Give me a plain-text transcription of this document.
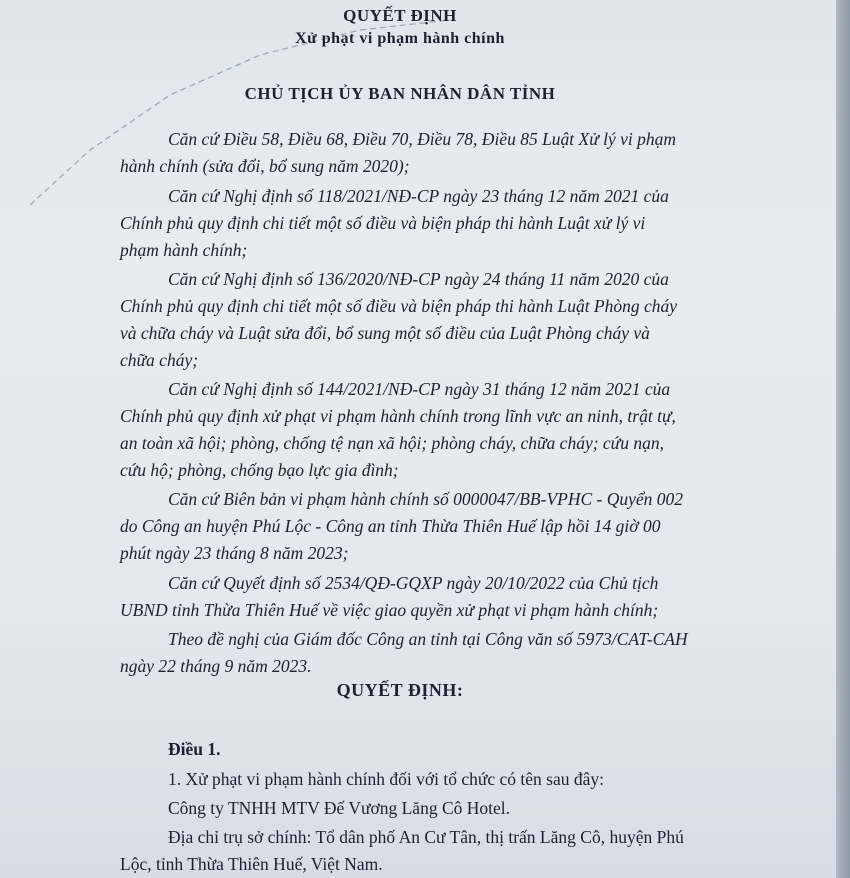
QUYẾT ĐỊNH
Xử phạt vi phạm hành chính
CHỦ TỊCH ỦY BAN NHÂN DÂN TỈNH
Căn cứ Điều 58, Điều 68, Điều 70, Điều 78, Điều 85 Luật Xử lý vi phạm
hành chính (sửa đổi, bổ sung năm 2020);
Căn cứ Nghị định số 118/2021/NĐ-CP ngày 23 tháng 12 năm 2021 của
Chính phủ quy định chi tiết một số điều và biện pháp thi hành Luật xử lý vi
phạm hành chính;
Căn cứ Nghị định số 136/2020/NĐ-CP ngày 24 tháng 11 năm 2020 của
Chính phủ quy định chi tiết một số điều và biện pháp thi hành Luật Phòng cháy
và chữa cháy và Luật sửa đổi, bổ sung một số điều của Luật Phòng cháy và
chữa cháy;
Căn cứ Nghị định số 144/2021/NĐ-CP ngày 31 tháng 12 năm 2021 của
Chính phủ quy định xử phạt vi phạm hành chính trong lĩnh vực an ninh, trật tự,
an toàn xã hội; phòng, chống tệ nạn xã hội; phòng cháy, chữa cháy; cứu nạn,
cứu hộ; phòng, chống bạo lực gia đình;
Căn cứ Biên bản vi phạm hành chính số 0000047/BB-VPHC - Quyển 002
do Công an huyện Phú Lộc - Công an tỉnh Thừa Thiên Huế lập hồi 14 giờ 00
phút ngày 23 tháng 8 năm 2023;
Căn cứ Quyết định số 2534/QĐ-GQXP ngày 20/10/2022 của Chủ tịch
UBND tỉnh Thừa Thiên Huế về việc giao quyền xử phạt vi phạm hành chính;
Theo đề nghị của Giám đốc Công an tỉnh tại Công văn số 5973/CAT-CAH
ngày 22 tháng 9 năm 2023.
QUYẾT ĐỊNH:
Điều 1.
1. Xử phạt vi phạm hành chính đối với tổ chức có tên sau đây:
Công ty TNHH MTV Đế Vương Lăng Cô Hotel.
Địa chỉ trụ sở chính: Tổ dân phố An Cư Tân, thị trấn Lăng Cô, huyện Phú
Lộc, tỉnh Thừa Thiên Huế, Việt Nam.
